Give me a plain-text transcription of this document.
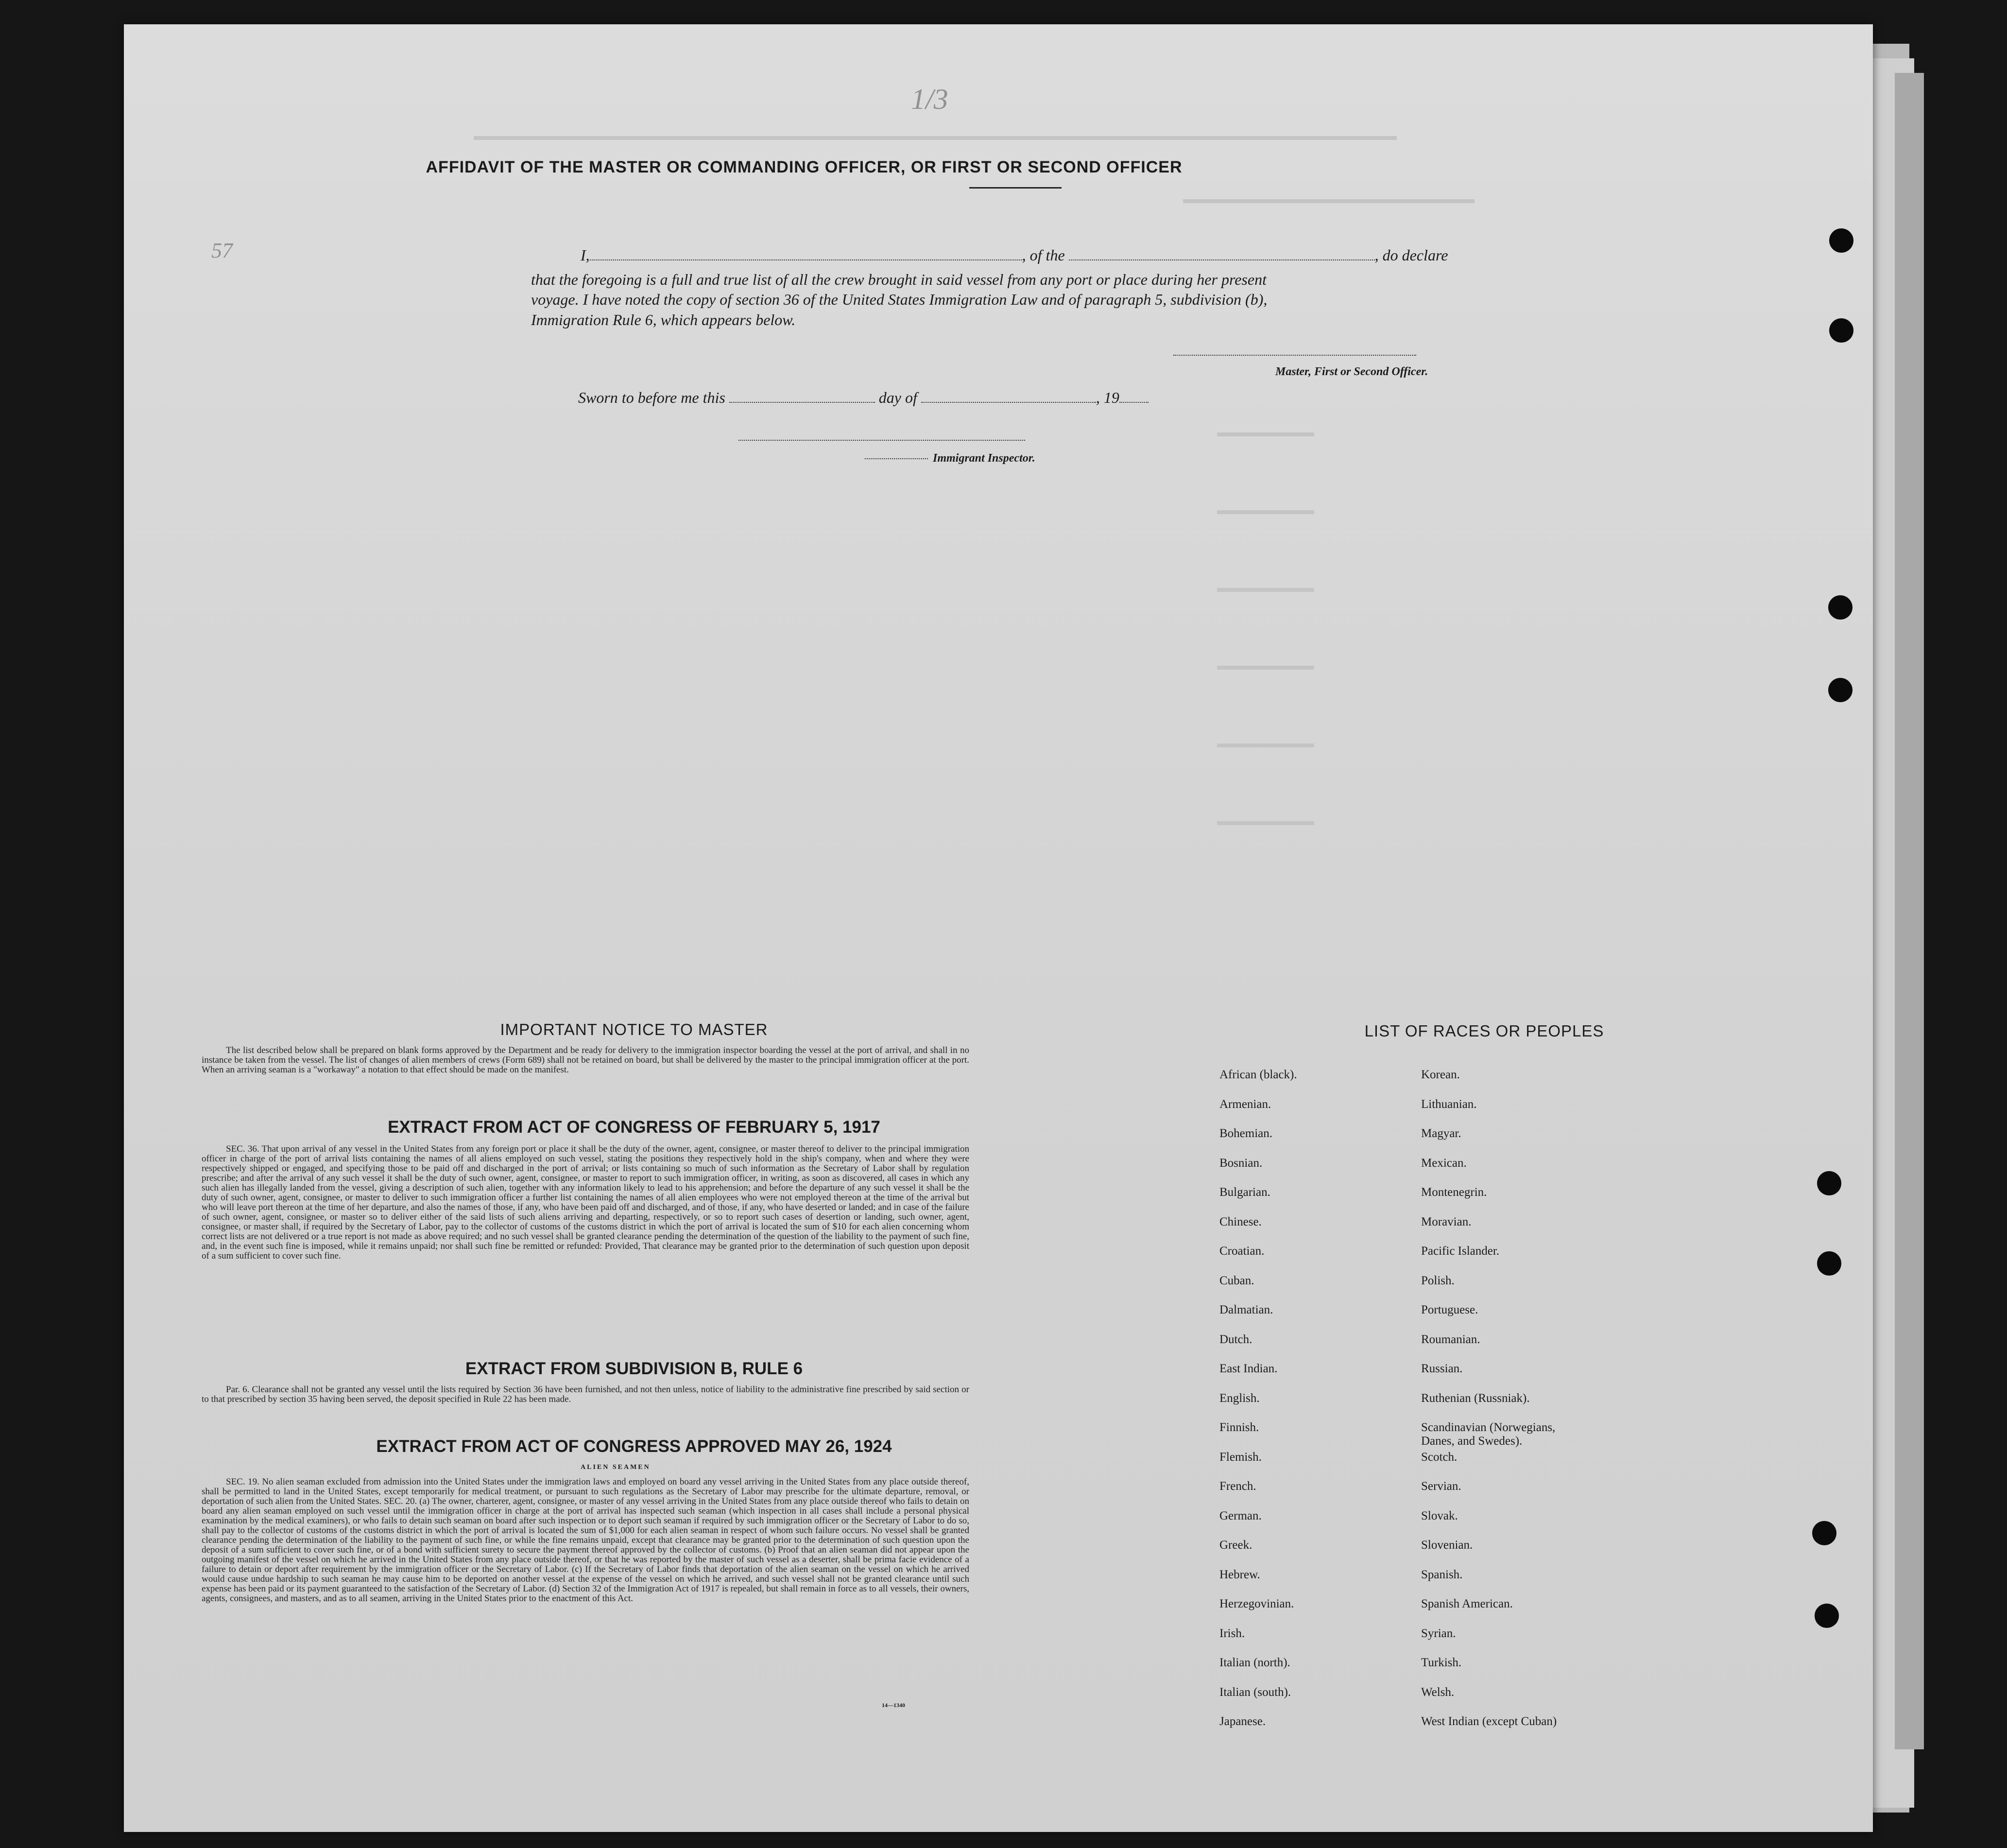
1/3
57
AFFIDAVIT OF THE MASTER OR COMMANDING OFFICER, OR FIRST OR SECOND OFFICER
I,	, of the	, do declare
that the foregoing is a full and true list of all the crew brought in said vessel from any port or place during her present
voyage. I have noted the copy of section 36 of the United States Immigration Law and of paragraph 5, subdivision (b),
Immigration Rule 6, which appears below.
Master, First or Second Officer.
Sworn to before me this	day of	, 19
Immigrant Inspector.
IMPORTANT NOTICE TO MASTER
The list described below shall be prepared on blank forms approved by the Department and be ready for delivery to the immigration inspector boarding the vessel at the port of arrival, and shall in no instance be taken from the vessel. The list of changes of alien members of crews (Form 689) shall not be retained on board, but shall be delivered by the master to the principal immigration officer at the port. When an arriving seaman is a "workaway" a notation to that effect should be made on the manifest.
EXTRACT FROM ACT OF CONGRESS OF FEBRUARY 5, 1917
SEC. 36. That upon arrival of any vessel in the United States from any foreign port or place it shall be the duty of the owner, agent, consignee, or master thereof to deliver to the principal immigration officer in charge of the port of arrival lists containing the names of all aliens employed on such vessel, stating the positions they respectively hold in the ship's company, when and where they were respectively shipped or engaged, and specifying those to be paid off and discharged in the port of arrival; or lists containing so much of such information as the Secretary of Labor shall by regulation prescribe; and after the arrival of any such vessel it shall be the duty of such owner, agent, consignee, or master to report to such immigration officer, in writing, as soon as discovered, all cases in which any such alien has illegally landed from the vessel, giving a description of such alien, together with any information likely to lead to his apprehension; and before the departure of any such vessel it shall be the duty of such owner, agent, consignee, or master to deliver to such immigration officer a further list containing the names of all alien employees who were not employed thereon at the time of the arrival but who will leave port thereon at the time of her departure, and also the names of those, if any, who have been paid off and discharged, and of those, if any, who have deserted or landed; and in case of the failure of such owner, agent, consignee, or master so to deliver either of the said lists of such aliens arriving and departing, respectively, or so to report such cases of desertion or landing, such owner, agent, consignee, or master shall, if required by the Secretary of Labor, pay to the collector of customs of the customs district in which the port of arrival is located the sum of $10 for each alien concerning whom correct lists are not delivered or a true report is not made as above required; and no such vessel shall be granted clearance pending the determination of the question of the liability to the payment of such fine, and, in the event such fine is imposed, while it remains unpaid; nor shall such fine be remitted or refunded: Provided, That clearance may be granted prior to the determination of such question upon deposit of a sum sufficient to cover such fine.
EXTRACT FROM SUBDIVISION B, RULE 6
Par. 6. Clearance shall not be granted any vessel until the lists required by Section 36 have been furnished, and not then unless, notice of liability to the administrative fine prescribed by said section or to that prescribed by section 35 having been served, the deposit specified in Rule 22 has been made.
EXTRACT FROM ACT OF CONGRESS APPROVED MAY 26, 1924
ALIEN SEAMEN
SEC. 19. No alien seaman excluded from admission into the United States under the immigration laws and employed on board any vessel arriving in the United States from any place outside thereof, shall be permitted to land in the United States, except temporarily for medical treatment, or pursuant to such regulations as the Secretary of Labor may prescribe for the ultimate departure, removal, or deportation of such alien from the United States. SEC. 20. (a) The owner, charterer, agent, consignee, or master of any vessel arriving in the United States from any place outside thereof who fails to detain on board any alien seaman employed on such vessel until the immigration officer in charge at the port of arrival has inspected such seaman (which inspection in all cases shall include a personal physical examination by the medical examiners), or who fails to detain such seaman on board after such inspection or to deport such seaman if required by such immigration officer or the Secretary of Labor to do so, shall pay to the collector of customs of the customs district in which the port of arrival is located the sum of $1,000 for each alien seaman in respect of whom such failure occurs. No vessel shall be granted clearance pending the determination of the liability to the payment of such fine, or while the fine remains unpaid, except that clearance may be granted prior to the determination of such question upon the deposit of a sum sufficient to cover such fine, or of a bond with sufficient surety to secure the payment thereof approved by the collector of customs. (b) Proof that an alien seaman did not appear upon the outgoing manifest of the vessel on which he arrived in the United States from any place outside thereof, or that he was reported by the master of such vessel as a deserter, shall be prima facie evidence of a failure to detain or deport after requirement by the immigration officer or the Secretary of Labor. (c) If the Secretary of Labor finds that deportation of the alien seaman on the vessel on which he arrived would cause undue hardship to such seaman he may cause him to be deported on another vessel at the expense of the vessel on which he arrived, and such vessel shall not be granted clearance until such expense has been paid or its payment guaranteed to the satisfaction of the Secretary of Labor. (d) Section 32 of the Immigration Act of 1917 is repealed, but shall remain in force as to all vessels, their owners, agents, consignees, and masters, and as to all seamen, arriving in the United States prior to the enactment of this Act.
14—1340
LIST OF RACES OR PEOPLES
African (black).
Armenian.
Bohemian.
Bosnian.
Bulgarian.
Chinese.
Croatian.
Cuban.
Dalmatian.
Dutch.
East Indian.
English.
Finnish.
Flemish.
French.
German.
Greek.
Hebrew.
Herzegovinian.
Irish.
Italian (north).
Italian (south).
Japanese.
Korean.
Lithuanian.
Magyar.
Mexican.
Montenegrin.
Moravian.
Pacific Islander.
Polish.
Portuguese.
Roumanian.
Russian.
Ruthenian (Russniak).
Scandinavian (Norwegians,
Danes, and Swedes).
Scotch.
Servian.
Slovak.
Slovenian.
Spanish.
Spanish American.
Syrian.
Turkish.
Welsh.
West Indian (except Cuban)
